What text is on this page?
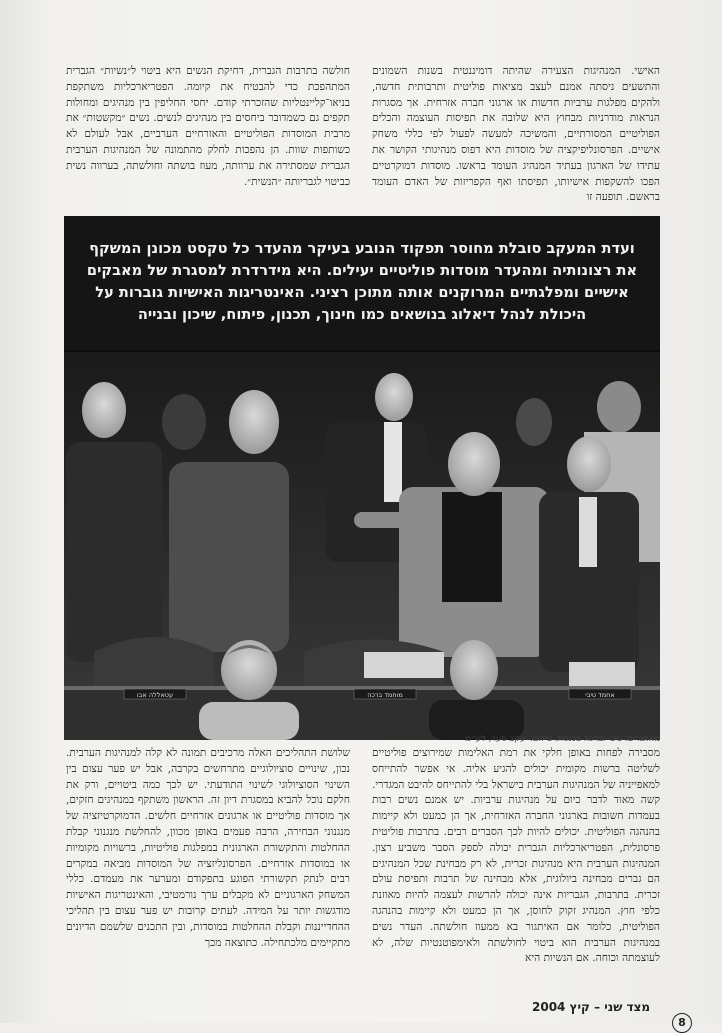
חולשה בתרבות הגברית, דחיקת הנשים היא ביטוי ל״נשיות״ הגברית המתהפכת כדי להבטיח את קיומה. הפטריארכליות משתקפת בניאו־קליינטליות שהזכרתי קודם. יחסי החליפין בין מנהיגים ומחולות תקפים גם כשמדובר ביחסים בין מנהיגים לנשים. נשים ״מקשטות״ את מרבית המוסדות הפוליטיים והאזרחיים הערביים, אבל לעולם לא כשותפות שוות. הן נהפכות לחלק מהתמונה של המנהיגות הערבית הגברית שמסתירה את ערוותה, מעוז בושתה וחולשתה, בערווה נשית כביטוי לגבריותה ״הנשית״.
האישי. המנהיגות הצעירה שהיתה דומיננטית בשנות השמונים והתשעים ניסתה אמנם לעצב מציאות פוליטית ותרבותית חדשה, ולהקים מפלגות ערביות חדשות או ארגוני חברה אזרחית. אך מסגרות הנראות מודרניות מבחוץ היא שלובה את תפיסות העוצמה והכלים הפוליטיים המסורתיים, והמשיכה למעשה לפעול לפי כללי משחק אישיים. הפרסונליפיקציה של מוסדות היא דפוס מנהיגותי הקושר את עתידו של הארגון בעתיד המנהיג העומד בראשו. מוסדות דמוקרטיים הפכו להשקפות אישיותו, תפיסתו ואף הקפריזות של האדם העומד בראשם. תופעה זו
ועדת המעקב סובלת מחוסר תפקוד הנובע בעיקר מהעדר כל טקסט מכונן המשקף את רצונותיה ומהעדר מוסדות פוליטיים יעילים. היא מידרדרת למסגרת של מאבקים אישיים ומפלגתיים המרוקנים אותה מתוכן רציני. האינטריגות האישיות גוברות על היכולת לנהל דיאלוג בנושאים כמו חינוך, תכנון, פיתוח, שיכון ובנייה
עטאללה אבו	מוחמד ברכה	אחמד טיבי
מאתגרים: טיבי וברכה בכנסת. צילום: יעקב סער, לע״מ
שלושת התהליכים האלה מרכיבים תמונה לא קלה למנהיגות הערבית. נכון, שינויים סוציולוגיים מתרחשים בקרבה, אבל יש פער עצום בין השינוי הסוציולוגי לשינוי התודעתי. יש לכך כמה ביטויים, ורק את חלקם נוכל להביא במסגרת דיון זה. הראשון משתקף במנהיגים חזקים, אך מוסדות פוליטיים או ארגונים אזרחיים חלשים. הדמוקרטיזציה של מנגנוני הבחירה, הרבה פעמים באופן מכוון, להחלשת מנגנוני קבלת ההחלטות והתקשורת הארגונית במפלגות פוליטיות, ברשויות מקומיות או במוסדות אזרחיים. הפרסונליזציה של המוסדות מביאה במקרים רבים לנתק תקשורתי הפוגע בתפקודם ומערער את מעמדם. כללי המשחק הארגוניים לא מקבלים ערך נורמטיבי, והאינטריגות האישיות מודגשות יותר על המידה. לעתים קרובות יש פער עצום בין תהליכי ההחדייננות וקבלת ההחלטות במוסדות, ובין התכנים שלשמם הדיונים מתקיימים מלכתחילה. כתוצאה מכך
מסבירה לפחות באופן חלקי את רמת האלימות שמירוצים פוליטיים לשליטה ברשות מקומית יכולים להגיע אליה. אי אפשר להתייחס למאפייניה של המנהיגות הערבית בישראל בלי להתייחס להיבט המגדרי. קשה מאוד לדבר כיום על מנהיגות ערביות. יש אמנם נשים רבות בעמדות חשובות בארגוני החברה האזרחית, אך הן כמעט ולא קיימות בהנהגה הפוליטית. יכולים להיות לכך הסברים רבים. בתרבות פוליטית פרסונלית, הפטריארכליות הגברית יכולה לספק הסבר משביע רצון. המנהיגות הערבית היא מנהיגות זכרית, לא רק מבחינת שכל המנהיגים הם גברים מבחינה ביולוגית, אלא מבחינה של תרבות ותפיסת עולם זכרית. בתרבות, הגבריות אינה יכולה להרשות לעצמה להיות מאוזנת כלפי חוץ. המנהיג זקוק לחוסן, אך הן כמעט ולא קיימות בהנהגה הפוליטית, כלומר אם האיתגור בא ממעוז חולשתה. העדר נשים במנהיגות הערבית הוא ביטוי לחולשתה ולאימפוטנטיות שלה, לא לעוצמתה וכוחה. אם הנשיות היא
מצד שני – קיץ 2004
8
